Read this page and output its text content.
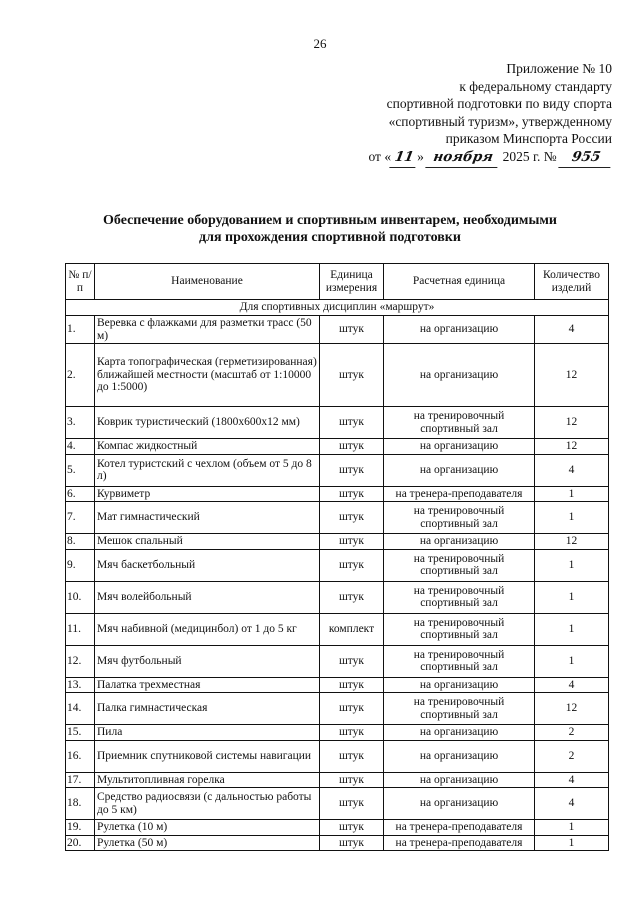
26
Приложение № 10
к федеральному стандарту
спортивной подготовки по виду спорта
«спортивный туризм», утвержденному
приказом Минспорта России
от « 11 » ноября 2025 г. № 955
Обеспечение оборудованием и спортивным инвентарем, необходимыми
для прохождения спортивной подготовки
№ п/п	Наименование	Единица измерения	Расчетная единица	Количество изделий
Для спортивных дисциплин «маршрут»				
1.	Веревка с флажками для разметки трасс (50 м)	штук	на организацию	4
2.	Карта топографическая (герметизированная) ближайшей местности (масштаб от 1:10000 до 1:5000)	штук	на организацию	12
3.	Коврик туристический (1800х600х12 мм)	штук	на тренировочный спортивный зал	12
4.	Компас жидкостный	штук	на организацию	12
5.	Котел туристский с чехлом (объем от 5 до 8 л)	штук	на организацию	4
6.	Курвиметр	штук	на тренера-преподавателя	1
7.	Мат гимнастический	штук	на тренировочный спортивный зал	1
8.	Мешок спальный	штук	на организацию	12
9.	Мяч баскетбольный	штук	на тренировочный спортивный зал	1
10.	Мяч волейбольный	штук	на тренировочный спортивный зал	1
11.	Мяч набивной (медицинбол) от 1 до 5 кг	комплект	на тренировочный спортивный зал	1
12.	Мяч футбольный	штук	на тренировочный спортивный зал	1
13.	Палатка трехместная	штук	на организацию	4
14.	Палка гимнастическая	штук	на тренировочный спортивный зал	12
15.	Пила	штук	на организацию	2
16.	Приемник спутниковой системы навигации	штук	на организацию	2
17.	Мультитопливная горелка	штук	на организацию	4
18.	Средство радиосвязи (с дальностью работы до 5 км)	штук	на организацию	4
19.	Рулетка (10 м)	штук	на тренера-преподавателя	1
20.	Рулетка (50 м)	штук	на тренера-преподавателя	1
